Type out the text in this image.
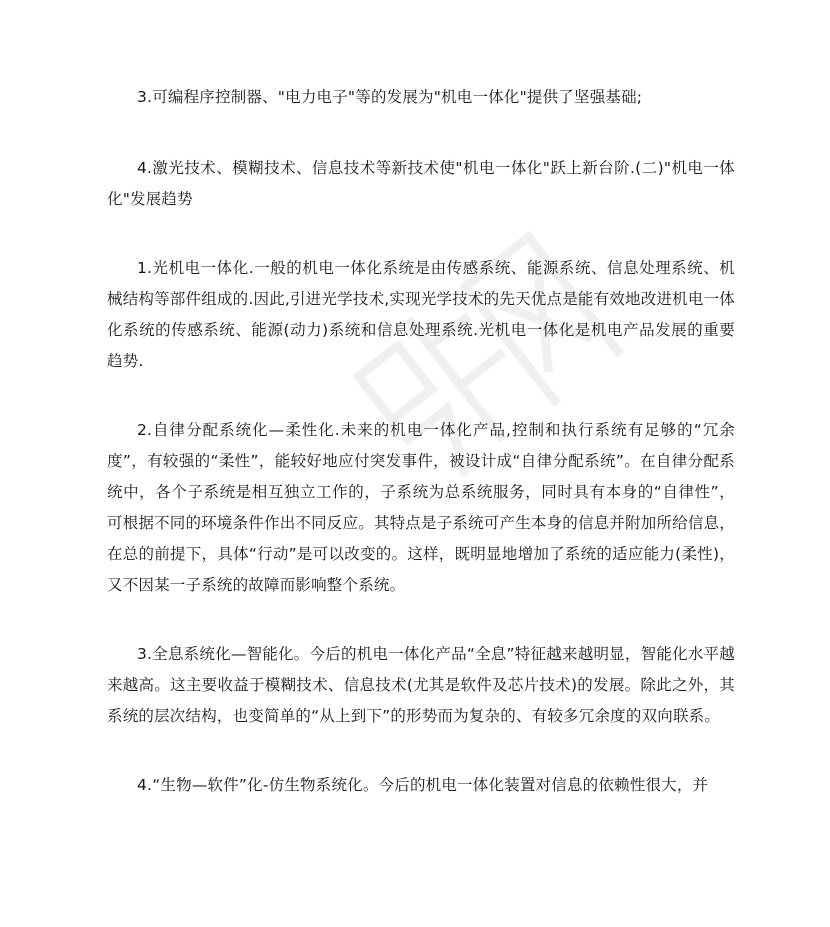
3.可编程序控制器、"电力电子"等的发展为"机电一体化"提供了坚强基础;

4.激光技术、模糊技术、信息技术等新技术使"机电一体化"跃上新台阶.(二)"机电一体化"发展趋势

1.光机电一体化.一般的机电一体化系统是由传感系统、能源系统、信息处理系统、机械结构等部件组成的.因此,引进光学技术,实现光学技术的先天优点是能有效地改进机电一体化系统的传感系统、能源(动力)系统和信息处理系统.光机电一体化是机电产品发展的重要趋势.

2.自律分配系统化—柔性化.未来的机电一体化产品,控制和执行系统有足够的“冗余度”，有较强的“柔性”，能较好地应付突发事件，被设计成“自律分配系统”。在自律分配系统中，各个子系统是相互独立工作的，子系统为总系统服务，同时具有本身的“自律性”，可根据不同的环境条件作出不同反应。其特点是子系统可产生本身的信息并附加所给信息，在总的前提下，具体“行动”是可以改变的。这样，既明显地增加了系统的适应能力(柔性)，又不因某一子系统的故障而影响整个系统。

3.全息系统化—智能化。今后的机电一体化产品“全息”特征越来越明显，智能化水平越来越高。这主要收益于模糊技术、信息技术(尤其是软件及芯片技术)的发展。除此之外，其系统的层次结构，也变简单的“从上到下”的形势而为复杂的、有较多冗余度的双向联系。

4.“生物—软件”化-仿生物系统化。今后的机电一体化装置对信息的依赖性很大，并
